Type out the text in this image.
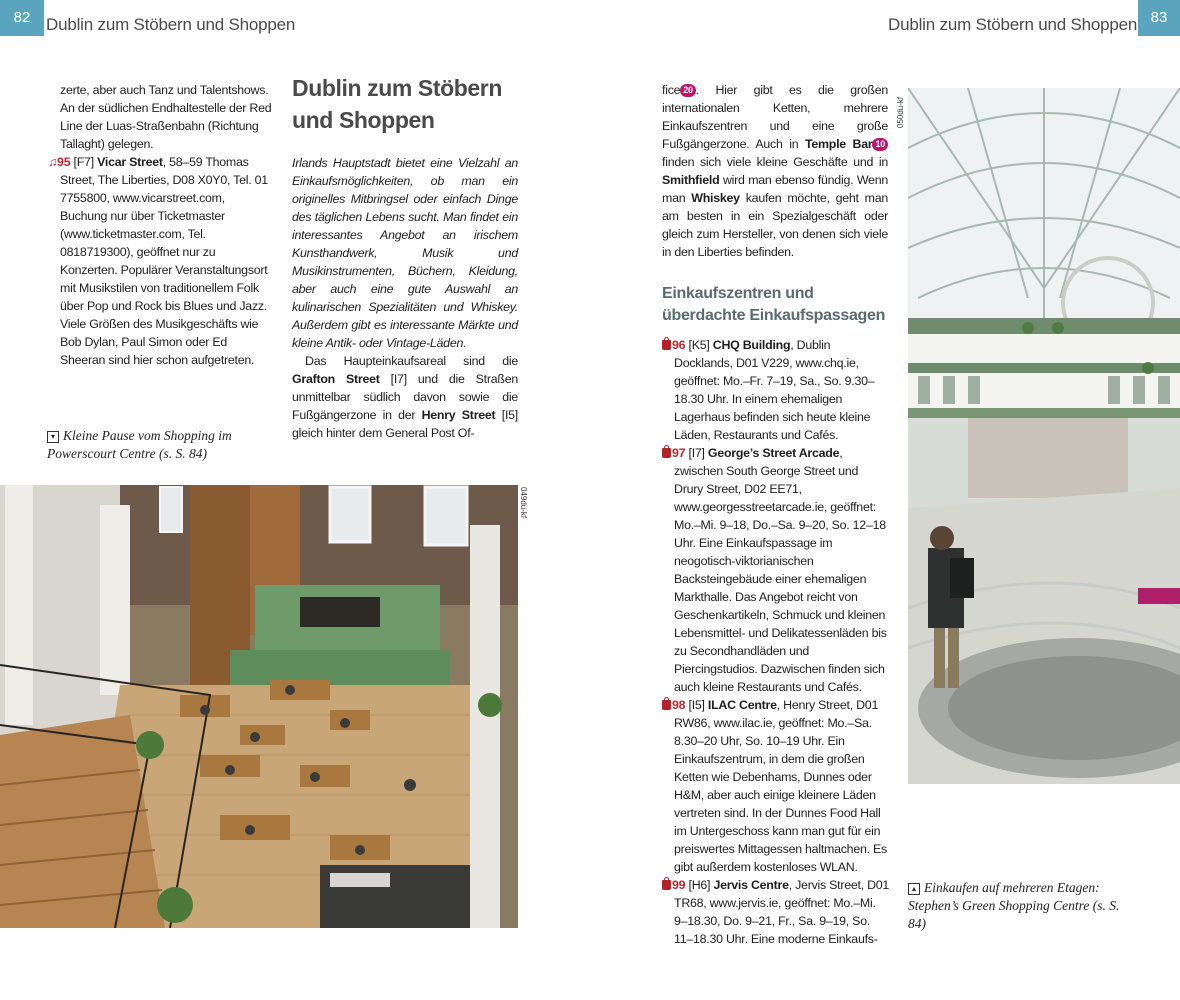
82 Dublin zum Stöbern und Shoppen

zerte, aber auch Tanz und Talentshows. An der südlichen Endhaltestelle der Red Line der Luas-Straßenbahn (Richtung Tallaght) gelegen.

♫95 [F7] Vicar Street, 58–59 Thomas Street, The Liberties, D08 X0Y0, Tel. 01 7755800, www.vicarstreet.com, Buchung nur über Ticketmaster (www.ticketmaster.com, Tel. 0818719300), geöffnet nur zu Konzerten. Populärer Veranstaltungsort mit Musikstilen von traditionellem Folk über Pop und Rock bis Blues und Jazz. Viele Größen des Musikgeschäfts wie Bob Dylan, Paul Simon oder Ed Sheeran sind hier schon aufgetreten.

▾ Kleine Pause vom Shopping im Powerscourt Centre (s. S. 84)
Dublin zum Stöbern
und Shoppen

Irlands Hauptstadt bietet eine Vielzahl an Einkaufsmöglichkeiten, ob man ein originelles Mitbringsel oder einfach Dinge des täglichen Lebens sucht. Man findet ein interessantes Angebot an irischem Kunsthandwerk, Musik und Musikinstrumenten, Büchern, Kleidung, aber auch eine gute Auswahl an kulinarischen Spezialitäten und Whiskey. Außerdem gibt es interessante Märkte und kleine Antik- oder Vintage-Läden.

Das Haupteinkaufsareal sind die Grafton Street [I7] und die Straßen unmittelbar südlich davon sowie die Fußgängerzone in der Henry Street [I5] gleich hinter dem General Post Of-

049du-kf
Dublin zum Stöbern und Shoppen 83

fice 20 . Hier gibt es die großen internationalen Ketten, mehrere Einkaufszentren und eine große Fußgängerzone. Auch in Temple Bar 10 finden sich viele kleine Geschäfte und in Smithfield wird man ebenso fündig. Wenn man Whiskey kaufen möchte, geht man am besten in ein Spezialgeschäft oder gleich zum Hersteller, von denen sich viele in den Liberties befinden.

Einkaufszentren und
überdachte Einkaufspassagen

96 [K5] CHQ Building, Dublin Docklands, D01 V229, www.chq.ie, geöffnet: Mo.–Fr. 7–19, Sa., So. 9.30–18.30 Uhr. In einem ehemaligen Lagerhaus befinden sich heute kleine Läden, Restaurants und Cafés.

97 [I7] George’s Street Arcade, zwischen South George Street und Drury Street, D02 EE71, www.georgesstreetarcade.ie, geöffnet: Mo.–Mi. 9–18, Do.–Sa. 9–20, So. 12–18 Uhr. Eine Einkaufspassage im neogotisch-viktorianischen Backsteingebäude einer ehemaligen Markthalle. Das Angebot reicht von Geschenkartikeln, Schmuck und kleinen Lebensmittel- und Delikatessenläden bis zu Secondhandläden und Piercingstudios. Dazwischen finden sich auch kleine Restaurants und Cafés.

98 [I5] ILAC Centre, Henry Street, D01 RW86, www.ilac.ie, geöffnet: Mo.–Sa. 8.30–20 Uhr, So. 10–19 Uhr. Ein Einkaufszentrum, in dem die großen Ketten wie Debenhams, Dunnes oder H&M, aber auch einige kleinere Läden vertreten sind. In der Dunnes Food Hall im Untergeschoss kann man gut für ein preiswertes Mittagessen haltmachen. Es gibt außerdem kostenloses WLAN.

99 [H6] Jervis Centre, Jervis Street, D01 TR68, www.jervis.ie, geöffnet: Mo.–Mi. 9–18.30, Do. 9–21, Fr., Sa. 9–19, So. 11–18.30 Uhr. Eine moderne Einkaufs-

050du-kf
▴ Einkaufen auf mehreren Etagen: Stephen’s Green Shopping Centre (s. S. 84)
